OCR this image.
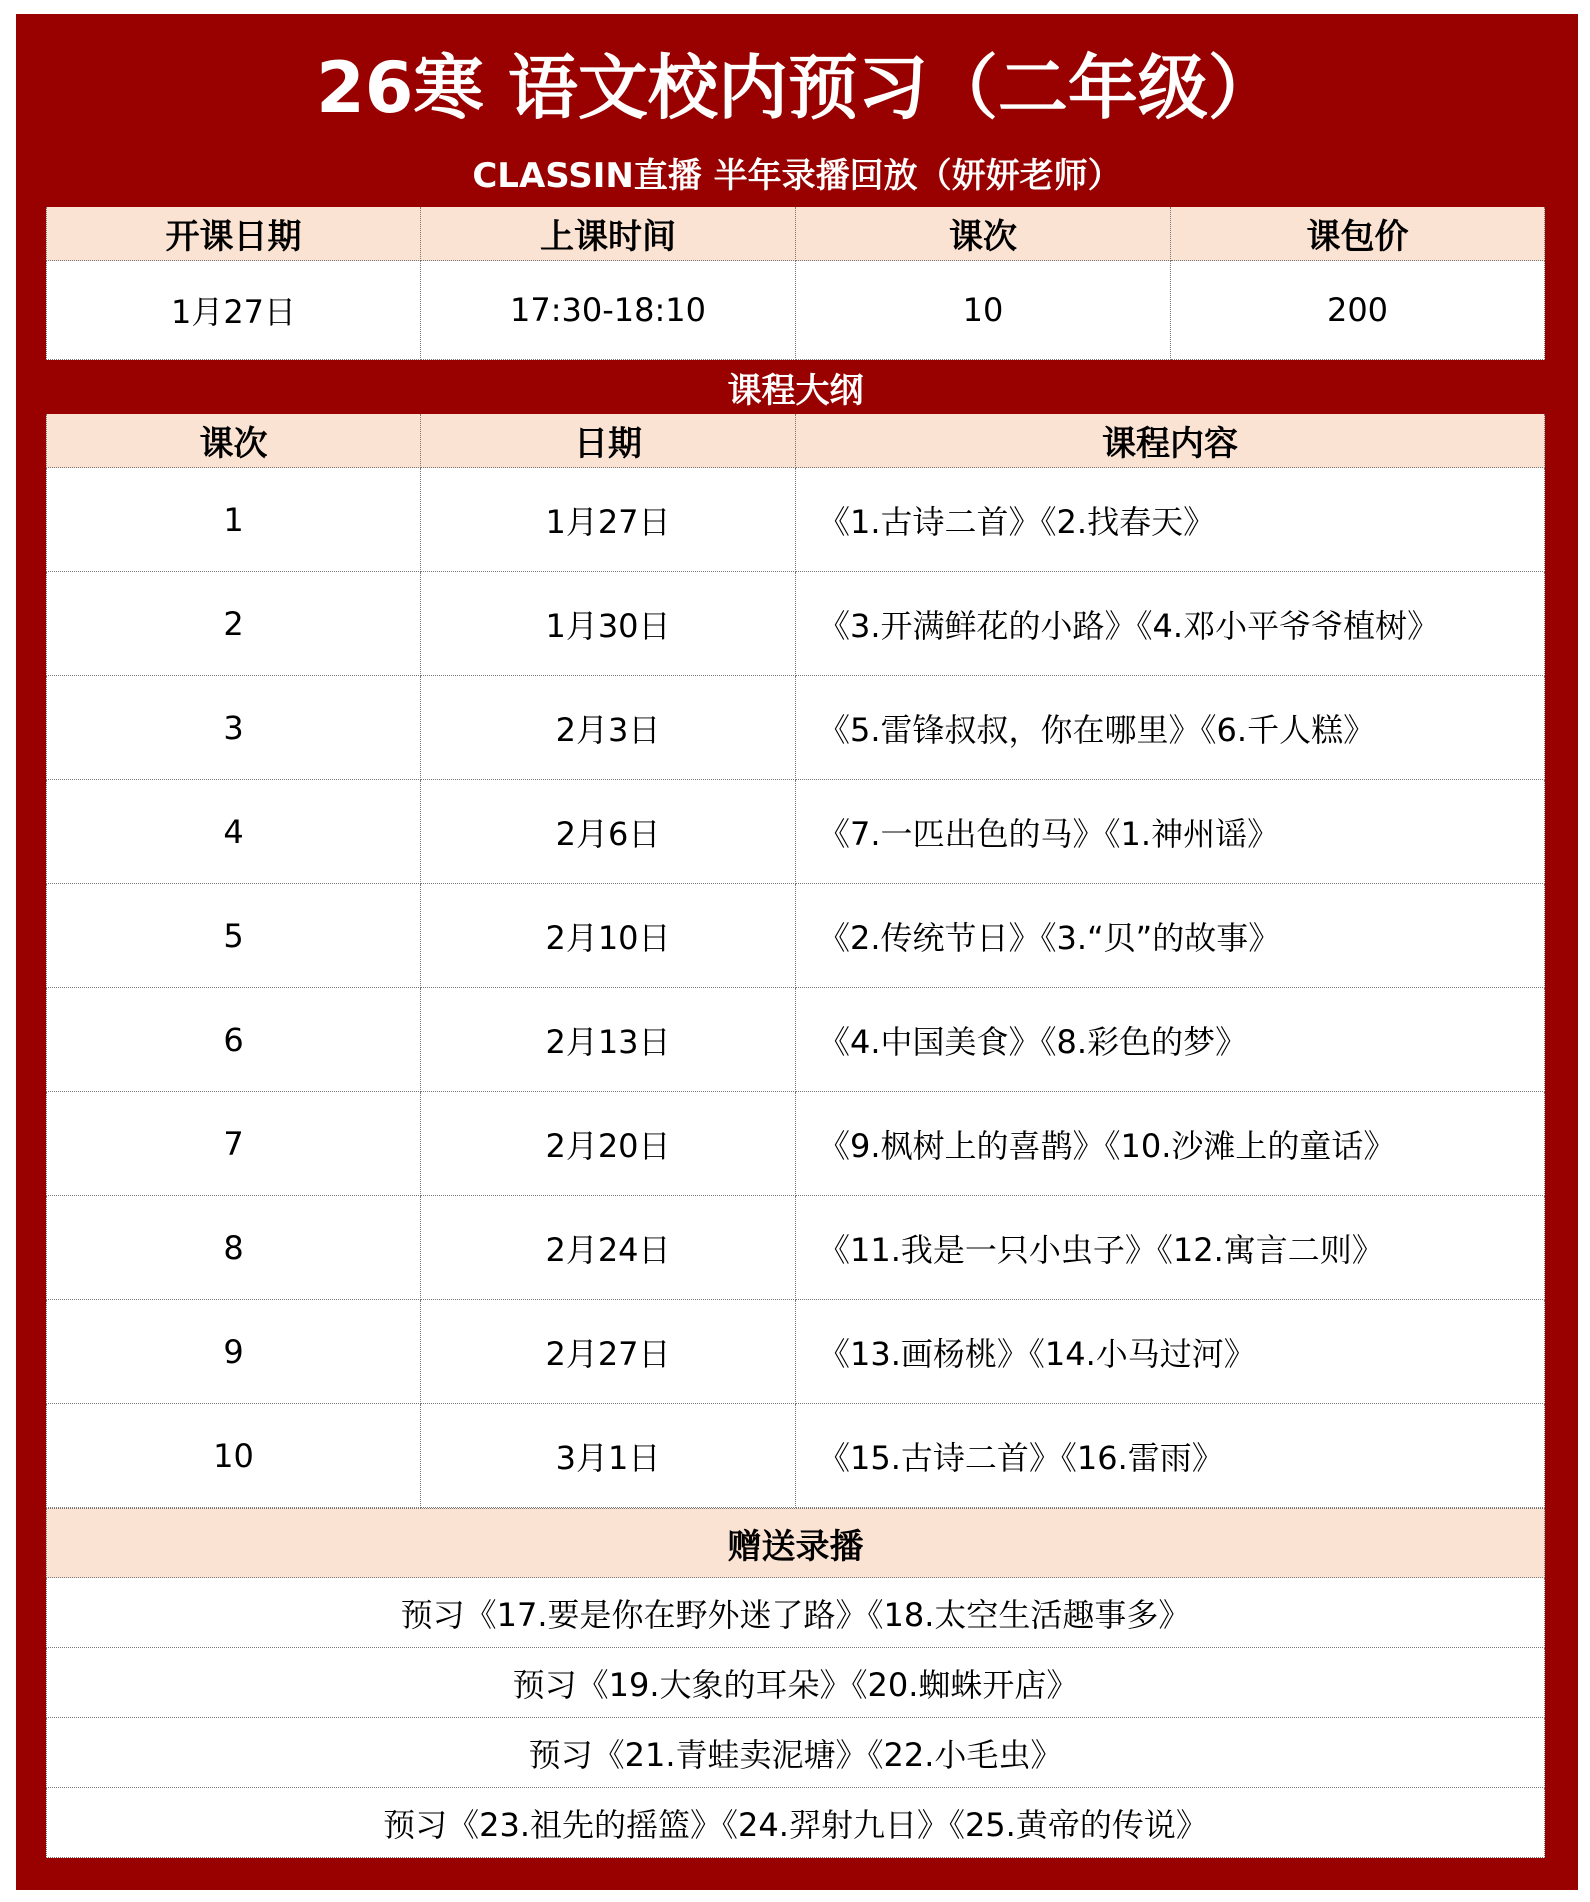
26寒 语文校内预习（二年级）
CLASSIN直播 半年录播回放（妍妍老师）
开课日期	上课时间	课次	课包价
1月27日	17:30-18:10	10	200
课程大纲
课次	日期	课程内容
1	1月27日	《1.古诗二首》《2.找春天》
2	1月30日	《3.开满鲜花的小路》《4.邓小平爷爷植树》
3	2月3日	《5.雷锋叔叔，你在哪里》《6.千人糕》
4	2月6日	《7.一匹出色的马》《1.神州谣》
5	2月10日	《2.传统节日》《3.“贝”的故事》
6	2月13日	《4.中国美食》《8.彩色的梦》
7	2月20日	《9.枫树上的喜鹊》《10.沙滩上的童话》
8	2月24日	《11.我是一只小虫子》《12.寓言二则》
9	2月27日	《13.画杨桃》《14.小马过河》
10	3月1日	《15.古诗二首》《16.雷雨》
赠送录播
预习《17.要是你在野外迷了路》《18.太空生活趣事多》
预习《19.大象的耳朵》《20.蜘蛛开店》
预习《21.青蛙卖泥塘》《22.小毛虫》
预习《23.祖先的摇篮》《24.羿射九日》《25.黄帝的传说》
